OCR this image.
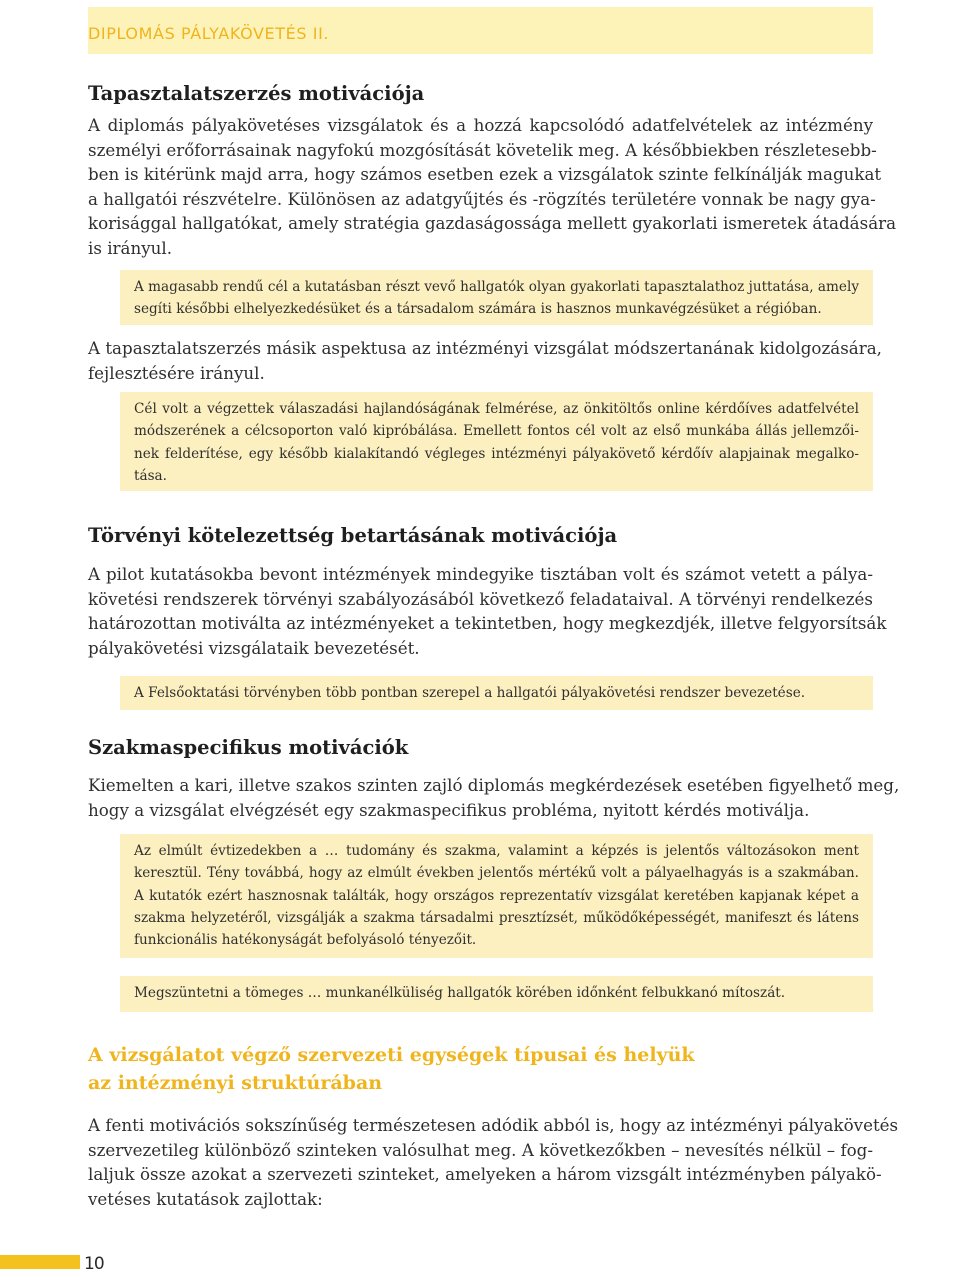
DIPLOMÁS PÁLYAKÖVETÉS II.
Tapasztalatszerzés motivációja
A diplomás pályakövetéses vizsgálatok és a hozzá kapcsolódó adatfelvételek az intézmény
személyi erőforrásainak nagyfokú mozgósítását követelik meg. A későbbiekben részletesebb-
ben is kitérünk majd arra, hogy számos esetben ezek a vizsgálatok szinte felkínálják magukat
a hallgatói részvételre. Különösen az adatgyűjtés és -rögzítés területére vonnak be nagy gya-
korisággal hallgatókat, amely stratégia gazdaságossága mellett gyakorlati ismeretek átadására
is irányul.
A magasabb rendű cél a kutatásban részt vevő hallgatók olyan gyakorlati tapasztalathoz juttatása, amely
segíti későbbi elhelyezkedésüket és a társadalom számára is hasznos munkavégzésüket a régióban.
A tapasztalatszerzés másik aspektusa az intézményi vizsgálat módszertanának kidolgozására,
fejlesztésére irányul.
Cél volt a végzettek válaszadási hajlandóságának felmérése, az önkitöltős online kérdőíves adatfelvétel
módszerének a célcsoporton való kipróbálása. Emellett fontos cél volt az első munkába állás jellemzői-
nek felderítése, egy később kialakítandó végleges intézményi pályakövető kérdőív alapjainak megalko-
tása.
Törvényi kötelezettség betartásának motivációja
A pilot kutatásokba bevont intézmények mindegyike tisztában volt és számot vetett a pálya-
követési rendszerek törvényi szabályozásából következő feladataival. A törvényi rendelkezés
határozottan motiválta az intézményeket a tekintetben, hogy megkezdjék, illetve felgyorsítsák
pályakövetési vizsgálataik bevezetését.
A Felsőoktatási törvényben több pontban szerepel a hallgatói pályakövetési rendszer bevezetése.
Szakmaspecifikus motivációk
Kiemelten a kari, illetve szakos szinten zajló diplomás megkérdezések esetében figyelhető meg,
hogy a vizsgálat elvégzését egy szakmaspecifikus probléma, nyitott kérdés motiválja.
Az elmúlt évtizedekben a … tudomány és szakma, valamint a képzés is jelentős változásokon ment
keresztül. Tény továbbá, hogy az elmúlt években jelentős mértékű volt a pályaelhagyás is a szakmában.
A kutatók ezért hasznosnak találták, hogy országos reprezentatív vizsgálat keretében kapjanak képet a
szakma helyzetéről, vizsgálják a szakma társadalmi presztízsét, működőképességét, manifeszt és látens
funkcionális hatékonyságát befolyásoló tényezőit.
Megszüntetni a tömeges … munkanélküliség hallgatók körében időnként felbukkanó mítoszát.
A vizsgálatot végző szervezeti egységek típusai és helyük
az intézményi struktúrában
A fenti motivációs sokszínűség természetesen adódik abból is, hogy az intézményi pályakövetés
szervezetileg különböző szinteken valósulhat meg. A következőkben – nevesítés nélkül – fog-
laljuk össze azokat a szervezeti szinteket, amelyeken a három vizsgált intézményben pályakö-
vetéses kutatások zajlottak:
10
